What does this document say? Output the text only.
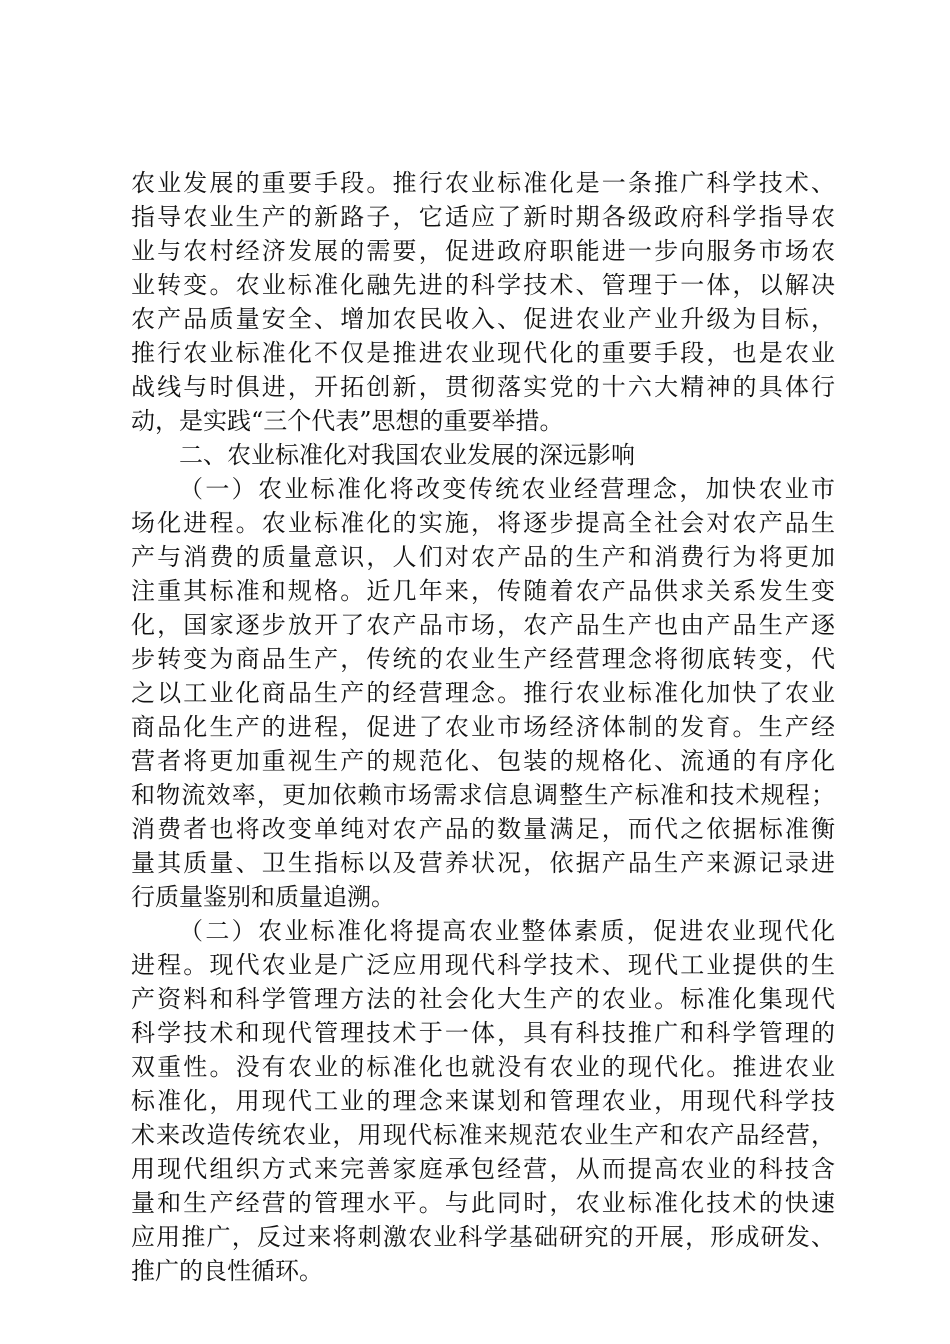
农业发展的重要手段。推行农业标准化是一条推广科学技术、
指导农业生产的新路子，它适应了新时期各级政府科学指导农
业与农村经济发展的需要，促进政府职能进一步向服务市场农
业转变。农业标准化融先进的科学技术、管理于一体，以解决
农产品质量安全、增加农民收入、促进农业产业升级为目标，
推行农业标准化不仅是推进农业现代化的重要手段，也是农业
战线与时俱进，开拓创新，贯彻落实党的十六大精神的具体行
动，是实践“三个代表”思想的重要举措。
二、农业标准化对我国农业发展的深远影响
（一）农业标准化将改变传统农业经营理念，加快农业市
场化进程。农业标准化的实施，将逐步提高全社会对农产品生
产与消费的质量意识，人们对农产品的生产和消费行为将更加
注重其标准和规格。近几年来，传随着农产品供求关系发生变
化，国家逐步放开了农产品市场，农产品生产也由产品生产逐
步转变为商品生产，传统的农业生产经营理念将彻底转变，代
之以工业化商品生产的经营理念。推行农业标准化加快了农业
商品化生产的进程，促进了农业市场经济体制的发育。生产经
营者将更加重视生产的规范化、包装的规格化、流通的有序化
和物流效率，更加依赖市场需求信息调整生产标准和技术规程；
消费者也将改变单纯对农产品的数量满足，而代之依据标准衡
量其质量、卫生指标以及营养状况，依据产品生产来源记录进
行质量鉴别和质量追溯。
（二）农业标准化将提高农业整体素质，促进农业现代化
进程。现代农业是广泛应用现代科学技术、现代工业提供的生
产资料和科学管理方法的社会化大生产的农业。标准化集现代
科学技术和现代管理技术于一体，具有科技推广和科学管理的
双重性。没有农业的标准化也就没有农业的现代化。推进农业
标准化，用现代工业的理念来谋划和管理农业，用现代科学技
术来改造传统农业，用现代标准来规范农业生产和农产品经营，
用现代组织方式来完善家庭承包经营，从而提高农业的科技含
量和生产经营的管理水平。与此同时，农业标准化技术的快速
应用推广，反过来将刺激农业科学基础研究的开展，形成研发、
推广的良性循环。
